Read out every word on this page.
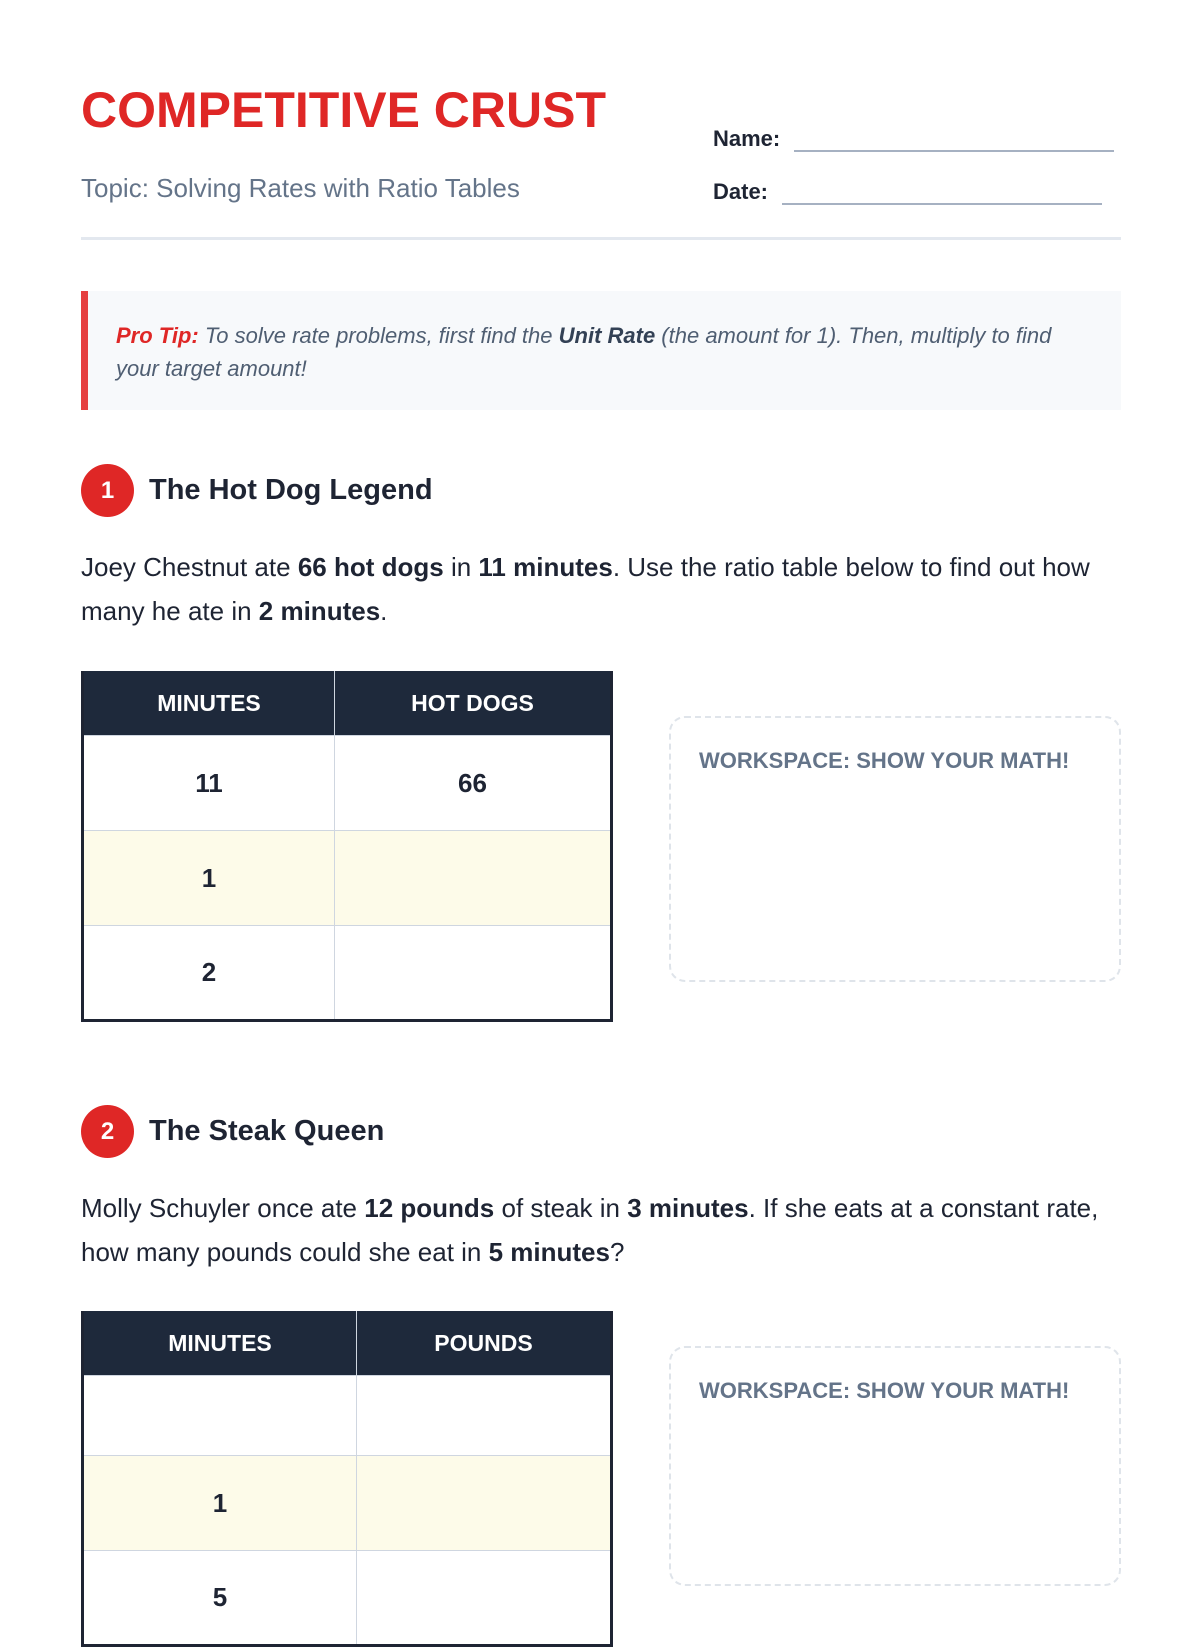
COMPETITIVE CRUST
Topic: Solving Rates with Ratio Tables
Name:
Date:
Pro Tip: To solve rate problems, first find the Unit Rate (the amount for 1). Then, multiply to find your target amount!
1	The Hot Dog Legend
Joey Chestnut ate 66 hot dogs in 11 minutes. Use the ratio table below to find out how many he ate in 2 minutes.
MINUTES	HOT DOGS
11	66
1	
2	
WORKSPACE: SHOW YOUR MATH!
2	The Steak Queen
Molly Schuyler once ate 12 pounds of steak in 3 minutes. If she eats at a constant rate, how many pounds could she eat in 5 minutes?
MINUTES	POUNDS

1	
5	
WORKSPACE: SHOW YOUR MATH!
